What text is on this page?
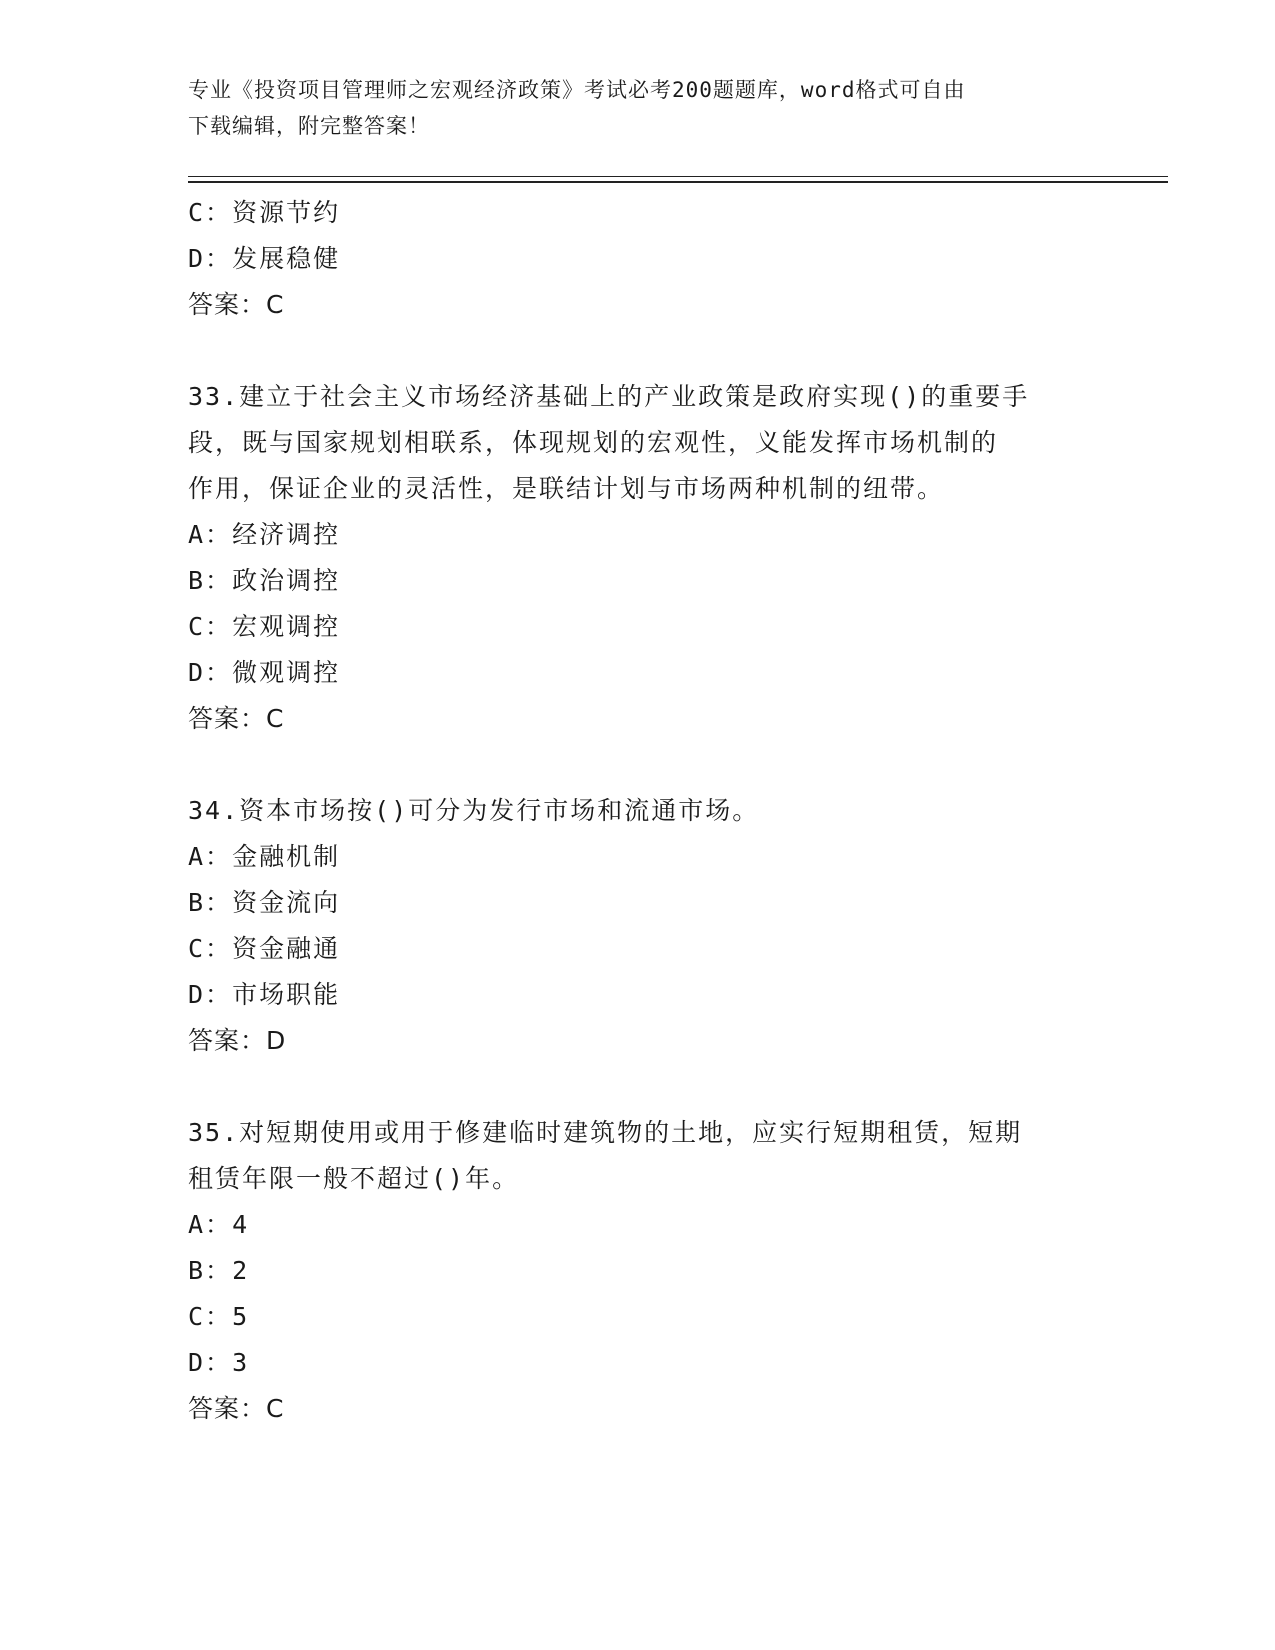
专业《投资项目管理师之宏观经济政策》考试必考200题题库，word格式可自由
下载编辑，附完整答案！
C：资源节约
D：发展稳健
答案：C
33.建立于社会主义市场经济基础上的产业政策是政府实现()的重要手
段，既与国家规划相联系，体现规划的宏观性，义能发挥市场机制的
作用，保证企业的灵活性，是联结计划与市场两种机制的纽带。
A：经济调控
B：政治调控
C：宏观调控
D：微观调控
答案：C
34.资本市场按()可分为发行市场和流通市场。
A：金融机制
B：资金流向
C：资金融通
D：市场职能
答案：D
35.对短期使用或用于修建临时建筑物的土地，应实行短期租赁，短期
租赁年限一般不超过()年。
A：4
B：2
C：5
D：3
答案：C
